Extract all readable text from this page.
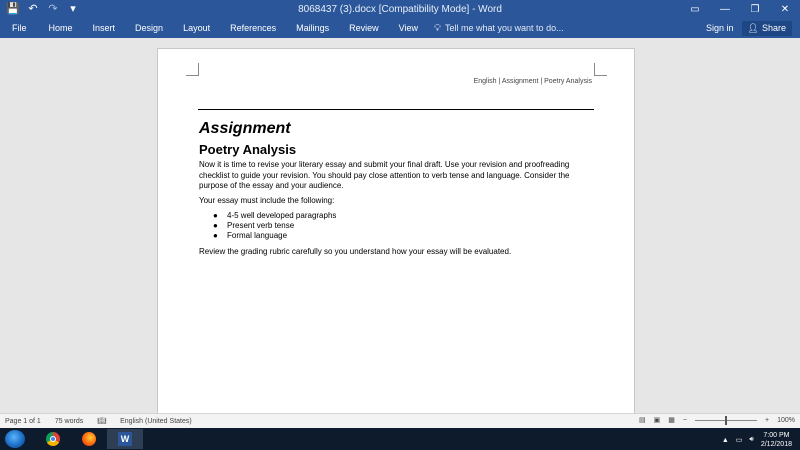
💾 ↶ ↷	▾	8068437 (3).docx [Compatibility Mode] - Word	▭	—	❐	✕
File	Home	Insert	Design	Layout	References	Mailings	Review	View	💡︎ Tell me what you want to do...	Sign in 👤︎ Share
English | Assignment | Poetry Analysis
Assignment
Poetry Analysis
Now it is time to revise your literary essay and submit your final draft. Use your revision and proofreading checklist to guide your revision. You should pay close attention to verb tense and language. Consider the purpose of the essay and your audience.
Your essay must include the following:
● 4-5 well developed paragraphs
● Present verb tense
● Formal language
Review the grading rubric carefully so you understand how your essay will be evaluated.
Page 1 of 1 75 words 📖︎ English (United States)	▤ ▣ ▦ −	+ 100%
W	▲ ▭ 🔊︎
7:00 PM
2/12/2018
